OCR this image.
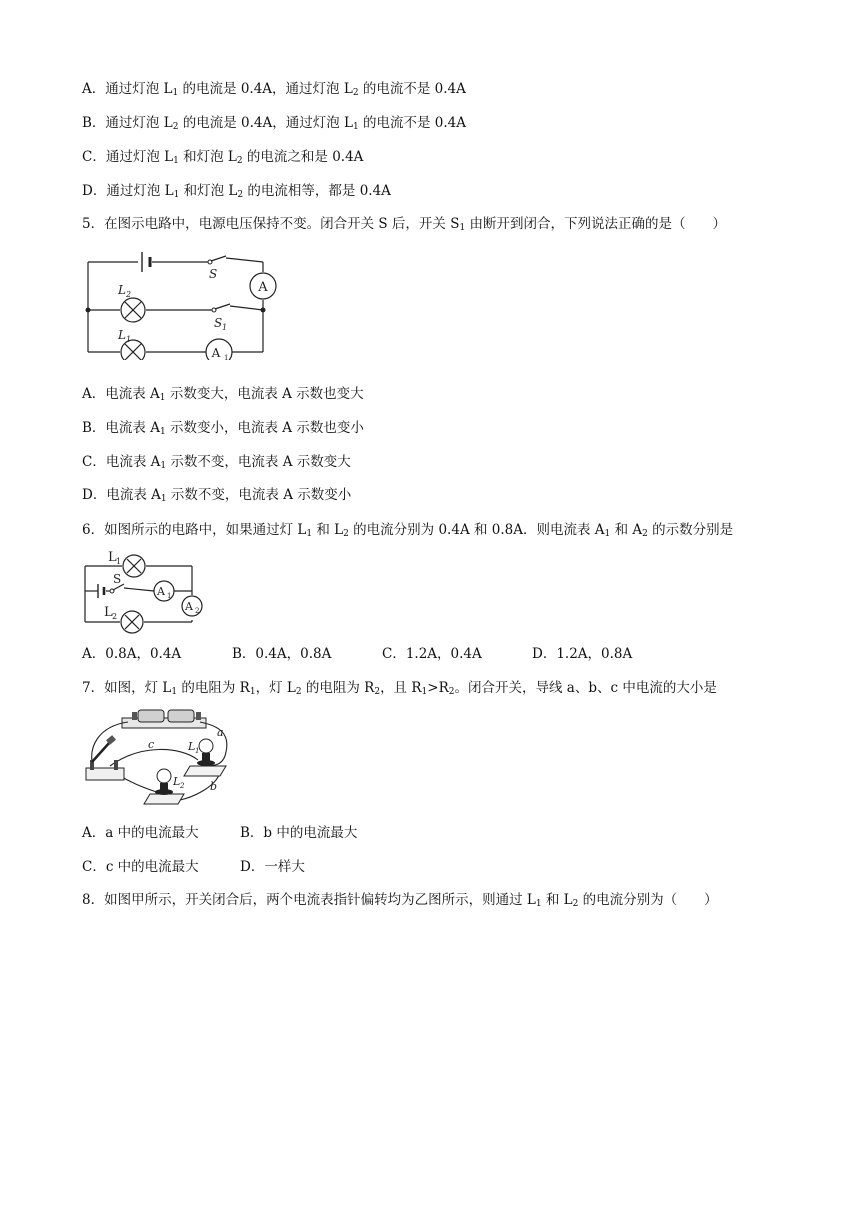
A．通过灯泡 $L_1$ 的电流是 0.4A，通过灯泡 $L_2$ 的电流不是 0.4A
B．通过灯泡 $L_2$ 的电流是 0.4A，通过灯泡 $L_1$ 的电流不是 0.4A
C．通过灯泡 $L_1$ 和灯泡 $L_2$ 的电流之和是 0.4A
D．通过灯泡 $L_1$ 和灯泡 $L_2$ 的电流相等，都是 0.4A
5．在图示电路中，电源电压保持不变。闭合开关 S 后，开关 $S_1$ 由断开到闭合，下列说法正确的是（　　）
A
L 2
L 1
A 1
S
S 1
A．电流表 $A_1$ 示数变大，电流表 A 示数也变大
B．电流表 $A_1$ 示数变小，电流表 A 示数也变小
C．电流表 $A_1$ 示数不变，电流表 A 示数变大
D．电流表 $A_1$ 示数不变，电流表 A 示数变小
6．如图所示的电路中，如果通过灯 $L_1$ 和 $L_2$ 的电流分别为 0.4A 和 0.8A．则电流表 $A_1$ 和 $A_2$ 的示数分别是
S
L 1
L 2
A 1
A 2
A．0.8A，0.4A	B．0.4A，0.8A	C．1.2A，0.4A	D．1.2A，0.8A
7．如图，灯 $L_1$ 的电阻为 $R_1$，灯 $L_2$ 的电阻为 $R_2$，且 $R_1>R_2$。闭合开关，导线 a、b、c 中电流的大小是
L 1
L 2
a
c
b
A．a 中的电流最大	B．b 中的电流最大
C．c 中的电流最大	D．一样大
8．如图甲所示，开关闭合后，两个电流表指针偏转均为乙图所示，则通过 $L_1$ 和 $L_2$ 的电流分别为（　　）
